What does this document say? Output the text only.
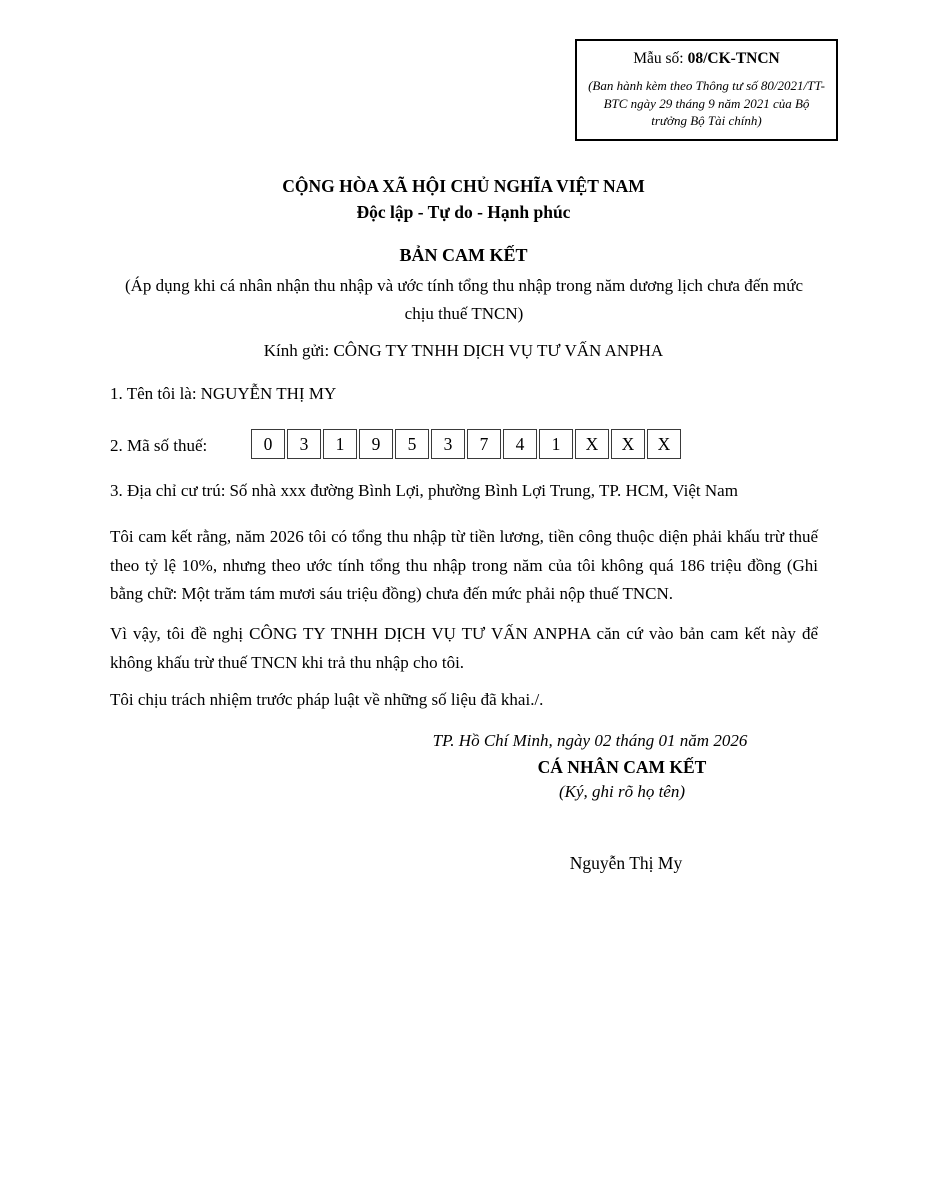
Mẫu số: 08/CK-TNCN
(Ban hành kèm theo Thông tư số 80/2021/TT-BTC ngày 29 tháng 9 năm 2021 của Bộ trưởng Bộ Tài chính)
CỘNG HÒA XÃ HỘI CHỦ NGHĨA VIỆT NAM
Độc lập - Tự do - Hạnh phúc
BẢN CAM KẾT
(Áp dụng khi cá nhân nhận thu nhập và ước tính tổng thu nhập trong năm dương lịch chưa đến mức chịu thuế TNCN)
Kính gửi: CÔNG TY TNHH DỊCH VỤ TƯ VẤN ANPHA
1. Tên tôi là: NGUYỄN THỊ MY
2. Mã số thuế:	0	3	1	9	5	3	7	4	1	X	X	X
3. Địa chỉ cư trú: Số nhà xxx đường Bình Lợi, phường Bình Lợi Trung, TP. HCM, Việt Nam

Tôi cam kết rằng, năm 2026 tôi có tổng thu nhập từ tiền lương, tiền công thuộc diện phải khấu trừ thuế theo tỷ lệ 10%, nhưng theo ước tính tổng thu nhập trong năm của tôi không quá 186 triệu đồng (Ghi bằng chữ: Một trăm tám mươi sáu triệu đồng) chưa đến mức phải nộp thuế TNCN.

Vì vậy, tôi đề nghị CÔNG TY TNHH DỊCH VỤ TƯ VẤN ANPHA căn cứ vào bản cam kết này để không khấu trừ thuế TNCN khi trả thu nhập cho tôi.

Tôi chịu trách nhiệm trước pháp luật về những số liệu đã khai./.

TP. Hồ Chí Minh, ngày 02 tháng 01 năm 2026
CÁ NHÂN CAM KẾT
(Ký, ghi rõ họ tên)
Nguyễn Thị My
